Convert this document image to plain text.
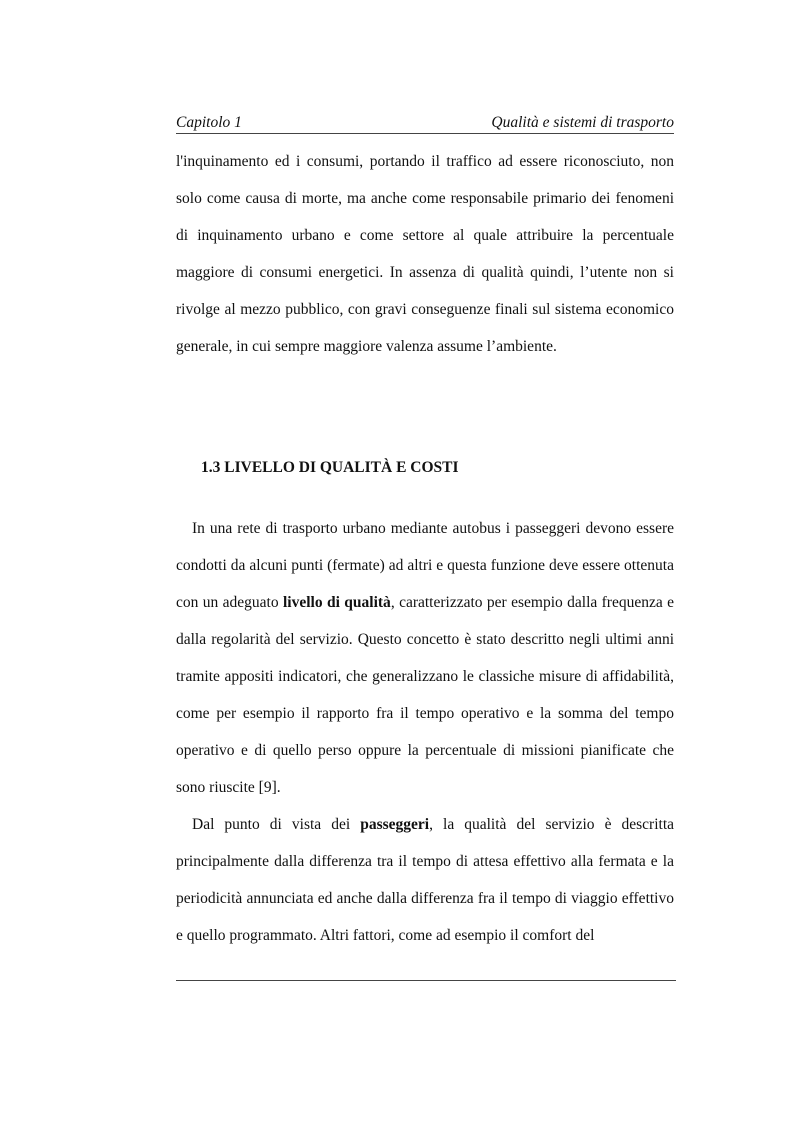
Capitolo 1	Qualità e sistemi di trasporto

l'inquinamento ed i consumi, portando il traffico ad essere riconosciuto, non solo come causa di morte, ma anche come responsabile primario dei fenomeni di inquinamento urbano e come settore al quale attribuire la percentuale maggiore di consumi energetici. In assenza di qualità quindi, l’utente non si rivolge al mezzo pubblico, con gravi conseguenze finali sul sistema economico generale, in cui sempre maggiore valenza assume l’ambiente.

1.3 LIVELLO DI QUALITÀ E COSTI

In una rete di trasporto urbano mediante autobus i passeggeri devono essere condotti da alcuni punti (fermate) ad altri e questa funzione deve essere ottenuta con un adeguato livello di qualità, caratterizzato per esempio dalla frequenza e dalla regolarità del servizio. Questo concetto è stato descritto negli ultimi anni tramite appositi indicatori, che generalizzano le classiche misure di affidabilità, come per esempio il rapporto fra il tempo operativo e la somma del tempo operativo e di quello perso oppure la percentuale di missioni pianificate che sono riuscite [9].

Dal punto di vista dei passeggeri, la qualità del servizio è descritta principalmente dalla differenza tra il tempo di attesa effettivo alla fermata e la periodicità annunciata ed anche dalla differenza fra il tempo di viaggio effettivo e quello programmato. Altri fattori, come ad esempio il comfort del
